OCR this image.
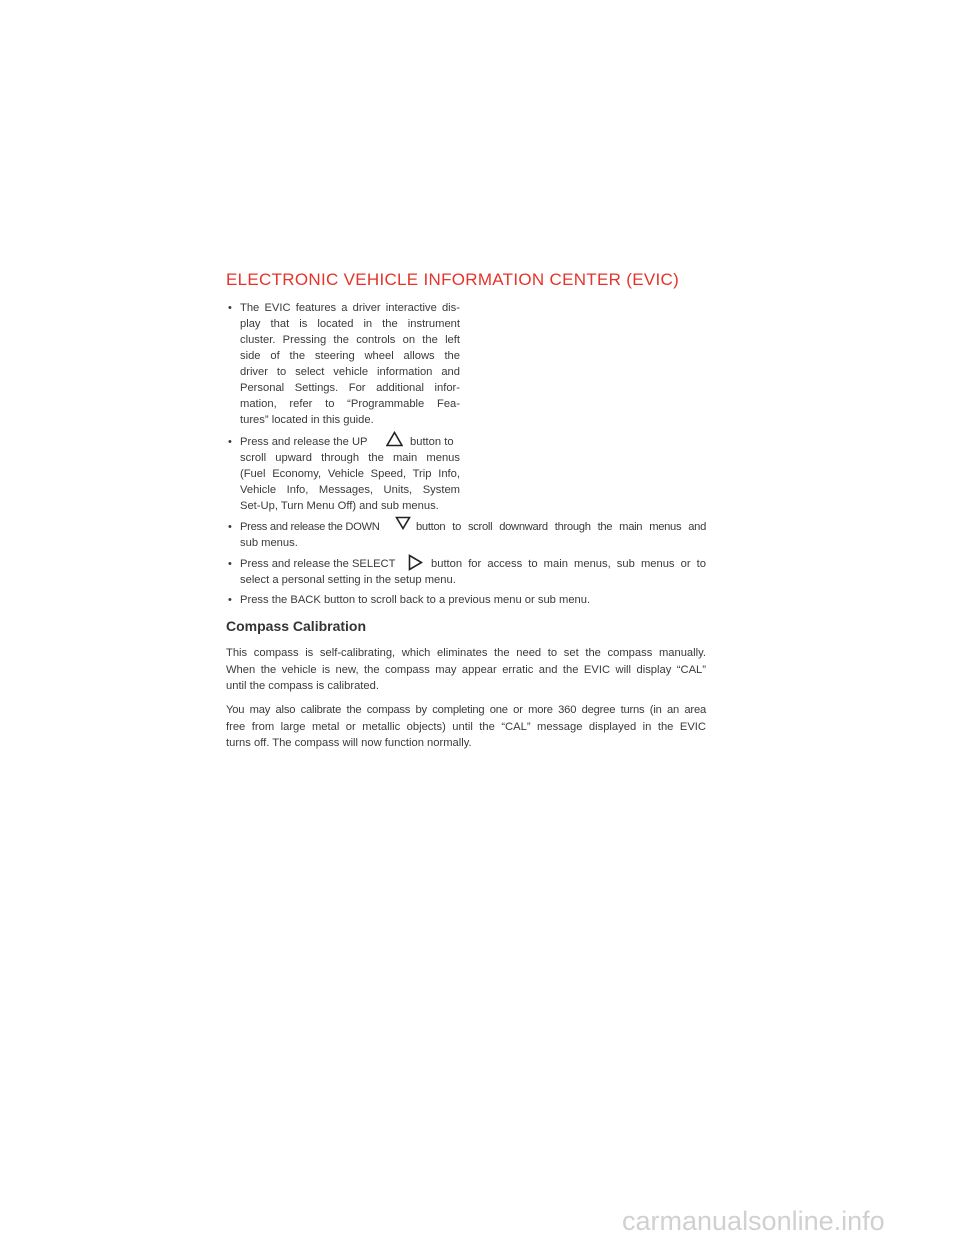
ELECTRONIC VEHICLE INFORMATION CENTER (EVIC)
• The EVIC features a driver interactive dis-
play that is located in the instrument
cluster. Pressing the controls on the left
side of the steering wheel allows the
driver to select vehicle information and
Personal Settings. For additional infor-
mation, refer to “Programmable Fea-
tures” located in this guide.
• Press and release the UP	button to
scroll upward through the main menus
(Fuel Economy, Vehicle Speed, Trip Info,
Vehicle Info, Messages, Units, System
Set-Up, Turn Menu Off) and sub menus.
• Press and release the DOWN	button to scroll downward through the main menus and
sub menus.
• Press and release the SELECT	button for access to main menus, sub menus or to
select a personal setting in the setup menu.
• Press the BACK button to scroll back to a previous menu or sub menu.
Compass Calibration
This compass is self-calibrating, which eliminates the need to set the compass manually.
When the vehicle is new, the compass may appear erratic and the EVIC will display “CAL”
until the compass is calibrated.
You may also calibrate the compass by completing one or more 360 degree turns (in an area
free from large metal or metallic objects) until the “CAL” message displayed in the EVIC
turns off. The compass will now function normally.
carmanualsonline.info
